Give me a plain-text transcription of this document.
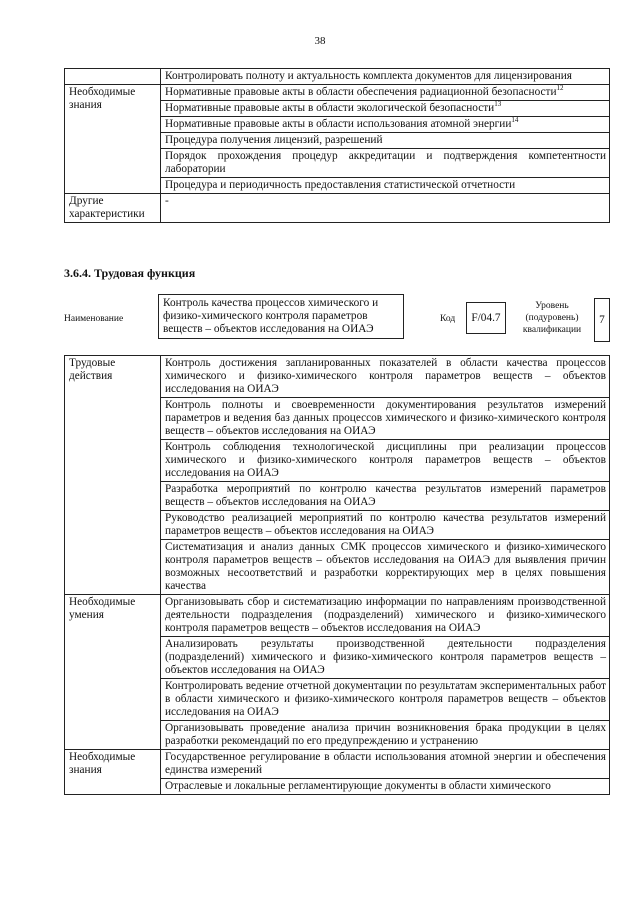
38
	Контролировать полноту и актуальность комплекта документов для лицензирования
Необходимые знания	Нормативные правовые акты в области обеспечения радиационной безопасности$^{12}$
	Нормативные правовые акты в области экологической безопасности$^{13}$
	Нормативные правовые акты в области использования атомной энергии$^{14}$
	Процедура получения лицензий, разрешений
	Порядок прохождения процедур аккредитации и подтверждения компетентности лаборатории
	Процедура и периодичность предоставления статистической отчетности
Другие характеристики	-
3.6.4. Трудовая функция
Наименование
Контроль качества процессов химического и физико-химического контроля параметров веществ – объектов исследования на ОИАЭ
Код	F/04.7
Уровень (подуровень) квалификации
7
Трудовые действия	Контроль достижения запланированных показателей в области качества процессов химического и физико-химического контроля параметров веществ – объектов исследования на ОИАЭ
	Контроль полноты и своевременности документирования результатов измерений параметров и ведения баз данных процессов химического и физико-химического контроля веществ – объектов исследования на ОИАЭ
	Контроль соблюдения технологической дисциплины при реализации процессов химического и физико-химического контроля параметров веществ – объектов исследования на ОИАЭ
	Разработка мероприятий по контролю качества результатов измерений параметров веществ – объектов исследования на ОИАЭ
	Руководство реализацией мероприятий по контролю качества результатов измерений параметров веществ – объектов исследования на ОИАЭ
	Систематизация и анализ данных СМК процессов химического и физико-химического контроля параметров веществ – объектов исследования на ОИАЭ для выявления причин возможных несоответствий и разработки корректирующих мер в целях повышения качества
Необходимые умения	Организовывать сбор и систематизацию информации по направлениям производственной деятельности подразделения (подразделений) химического и физико-химического контроля параметров веществ – объектов исследования на ОИАЭ
	Анализировать результаты производственной деятельности подразделения (подразделений) химического и физико-химического контроля параметров веществ – объектов исследования на ОИАЭ
	Контролировать ведение отчетной документации по результатам экспериментальных работ в области химического и физико-химического контроля параметров веществ – объектов исследования на ОИАЭ
	Организовывать проведение анализа причин возникновения брака продукции в целях разработки рекомендаций по его предупреждению и устранению
Необходимые знания	Государственное регулирование в области использования атомной энергии и обеспечения единства измерений
	Отраслевые и локальные регламентирующие документы в области химического
